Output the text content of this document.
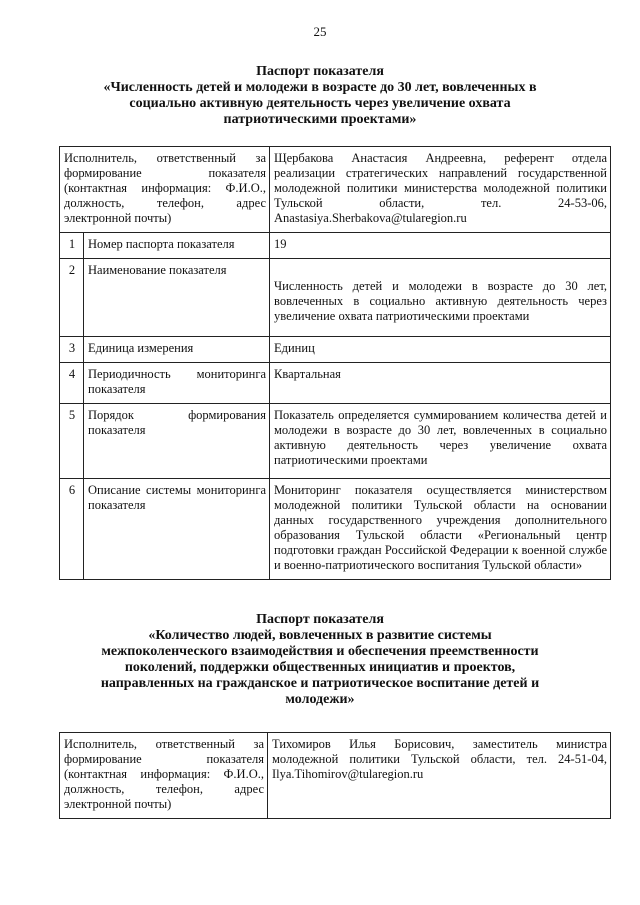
25
Паспорт показателя
«Численность детей и молодежи в возрасте до 30 лет, вовлеченных в
социально активную деятельность через увеличение охвата
патриотическими проектами»
Исполнитель, ответственный за формирование показателя (контактная информация: Ф.И.О., должность, телефон, адрес электронной почты)		Щербакова Анастасия Андреевна, референт отдела реализации стратегических направлений государственной молодежной политики министерства молодежной политики Тульской области, тел. 24-53-06, Anastasiya.Sherbakova@tularegion.ru
1	Номер паспорта показателя	19
2	Наименование показателя	Численность детей и молодежи в возрасте до 30 лет, вовлеченных в социально активную деятельность через увеличение охвата патриотическими проектами
3	Единица измерения	Единиц
4	Периодичность мониторинга показателя	Квартальная
5	Порядок формирования показателя	Показатель определяется суммированием количества детей и молодежи в возрасте до 30 лет, вовлеченных в социально активную деятельность через увеличение охвата патриотическими проектами
6	Описание системы мониторинга показателя	Мониторинг показателя осуществляется министерством молодежной политики Тульской области на основании данных государственного учреждения дополнительного образования Тульской области «Региональный центр подготовки граждан Российской Федерации к военной службе и военно-патриотического воспитания Тульской области»
Паспорт показателя
«Количество людей, вовлеченных в развитие системы
межпоколенческого взаимодействия и обеспечения преемственности
поколений, поддержки общественных инициатив и проектов,
направленных на гражданское и патриотическое воспитание детей и
молодежи»
Исполнитель, ответственный за формирование показателя (контактная информация: Ф.И.О., должность, телефон, адрес электронной почты)	Тихомиров Илья Борисович, заместитель министра молодежной политики Тульской области, тел. 24-51-04, Ilya.Tihomirov@tularegion.ru
